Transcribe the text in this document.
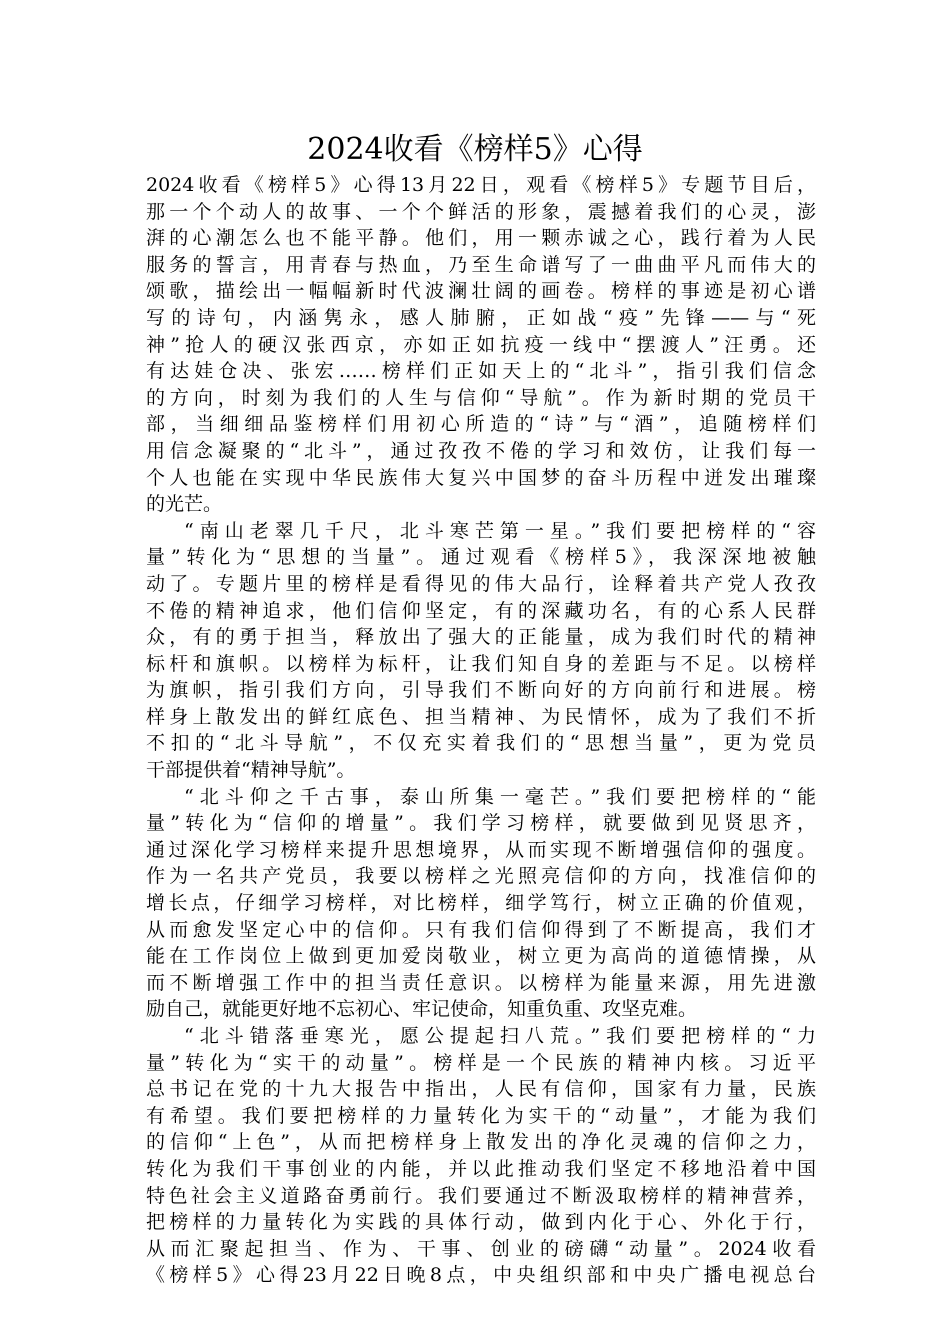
2024收看《榜样5》心得
2024收看《榜样5》心得13月22日，观看《榜样5》专题节目后，
那一个个动人的故事、一个个鲜活的形象，震撼着我们的心灵，澎
湃的心潮怎么也不能平静。他们，用一颗赤诚之心，践行着为人民
服务的誓言，用青春与热血，乃至生命谱写了一曲曲平凡而伟大的
颂歌，描绘出一幅幅新时代波澜壮阔的画卷。榜样的事迹是初心谱
写的诗句，内涵隽永，感人肺腑，正如战“疫”先锋——与“死
神”抢人的硬汉张西京，亦如正如抗疫一线中“摆渡人”汪勇。还
有达娃仓决、张宏……榜样们正如天上的“北斗”，指引我们信念
的方向，时刻为我们的人生与信仰“导航”。作为新时期的党员干
部，当细细品鉴榜样们用初心所造的“诗”与“酒”，追随榜样们
用信念凝聚的“北斗”，通过孜孜不倦的学习和效仿，让我们每一
个人也能在实现中华民族伟大复兴中国梦的奋斗历程中迸发出璀璨
的光芒。
“南山老翠几千尺，北斗寒芒第一星。”我们要把榜样的“容
量”转化为“思想的当量”。通过观看《榜样5》，我深深地被触
动了。专题片里的榜样是看得见的伟大品行，诠释着共产党人孜孜
不倦的精神追求，他们信仰坚定，有的深藏功名，有的心系人民群
众，有的勇于担当，释放出了强大的正能量，成为我们时代的精神
标杆和旗帜。以榜样为标杆，让我们知自身的差距与不足。以榜样
为旗帜，指引我们方向，引导我们不断向好的方向前行和进展。榜
样身上散发出的鲜红底色、担当精神、为民情怀，成为了我们不折
不扣的“北斗导航”，不仅充实着我们的“思想当量”，更为党员
干部提供着“精神导航”。
“北斗仰之千古事，泰山所集一毫芒。”我们要把榜样的“能
量”转化为“信仰的增量”。我们学习榜样，就要做到见贤思齐，
通过深化学习榜样来提升思想境界，从而实现不断增强信仰的强度。
作为一名共产党员，我要以榜样之光照亮信仰的方向，找准信仰的
增长点，仔细学习榜样，对比榜样，细学笃行，树立正确的价值观，
从而愈发坚定心中的信仰。只有我们信仰得到了不断提高，我们才
能在工作岗位上做到更加爱岗敬业，树立更为高尚的道德情操，从
而不断增强工作中的担当责任意识。以榜样为能量来源，用先进激
励自己，就能更好地不忘初心、牢记使命，知重负重、攻坚克难。
“北斗错落垂寒光，愿公提起扫八荒。”我们要把榜样的“力
量”转化为“实干的动量”。榜样是一个民族的精神内核。习近平
总书记在党的十九大报告中指出，人民有信仰，国家有力量，民族
有希望。我们要把榜样的力量转化为实干的“动量”，才能为我们
的信仰“上色”，从而把榜样身上散发出的净化灵魂的信仰之力，
转化为我们干事创业的内能，并以此推动我们坚定不移地沿着中国
特色社会主义道路奋勇前行。我们要通过不断汲取榜样的精神营养，
把榜样的力量转化为实践的具体行动，做到内化于心、外化于行，
从而汇聚起担当、作为、干事、创业的磅礴“动量”。2024收看
《榜样5》心得23月22日晚8点，中央组织部和中央广播电视总台
